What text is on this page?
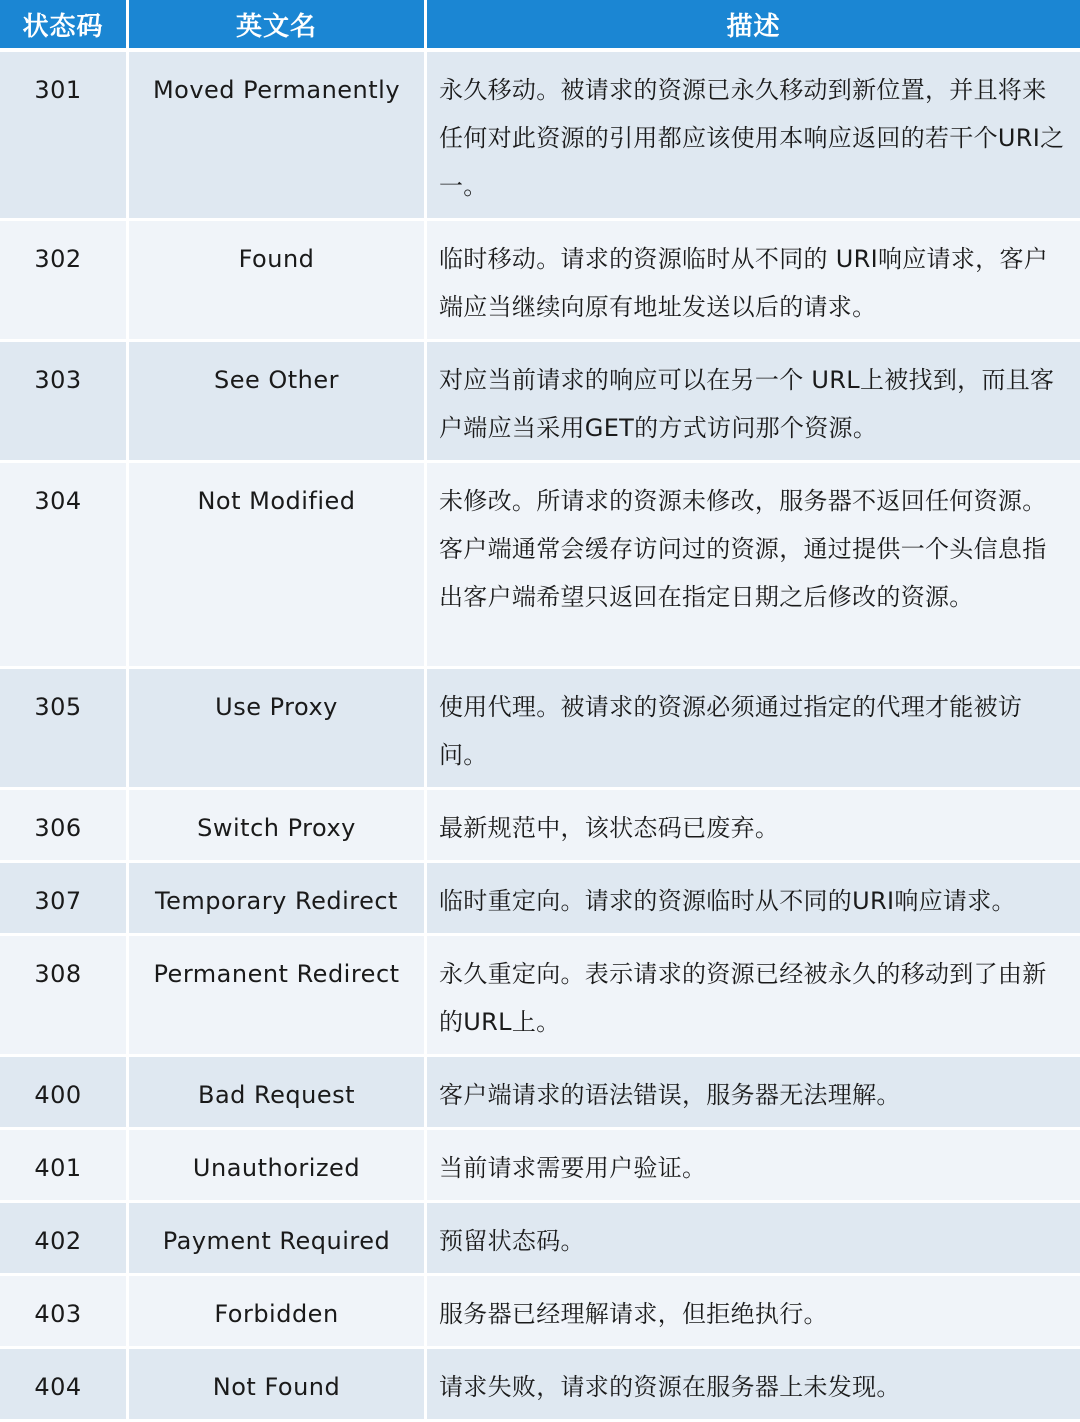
状态码	英文名	描述
301	Moved Permanently	永久移动。被请求的资源已永久移动到新位置，并且将来任何对此资源的引用都应该使用本响应返回的若干个URI之一。
302	Found	临时移动。请求的资源临时从不同的 URI响应请求，客户端应当继续向原有地址发送以后的请求。
303	See Other	对应当前请求的响应可以在另一个 URL上被找到，而且客户端应当采用GET的方式访问那个资源。
304	Not Modified	未修改。所请求的资源未修改，服务器不返回任何资源。客户端通常会缓存访问过的资源，通过提供一个头信息指出客户端希望只返回在指定日期之后修改的资源。
305	Use Proxy	使用代理。被请求的资源必须通过指定的代理才能被访问。
306	Switch Proxy	最新规范中，该状态码已废弃。
307	Temporary Redirect	临时重定向。请求的资源临时从不同的URI响应请求。
308	Permanent Redirect	永久重定向。表示请求的资源已经被永久的移动到了由新的URL上。
400	Bad Request	客户端请求的语法错误，服务器无法理解。
401	Unauthorized	当前请求需要用户验证。
402	Payment Required	预留状态码。
403	Forbidden	服务器已经理解请求，但拒绝执行。
404	Not Found	请求失败，请求的资源在服务器上未发现。
